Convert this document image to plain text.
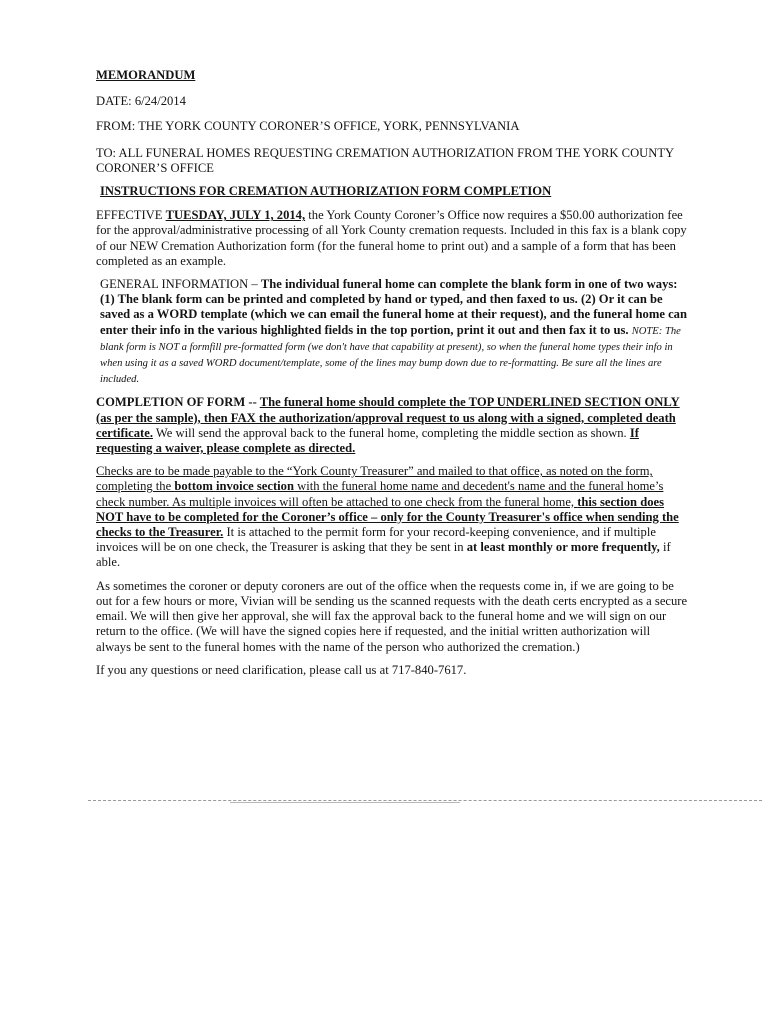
MEMORANDUM

DATE: 6/24/2014

FROM: THE YORK COUNTY CORONER’S OFFICE, YORK, PENNSYLVANIA

TO: ALL FUNERAL HOMES REQUESTING CREMATION AUTHORIZATION FROM THE YORK COUNTY CORONER’S OFFICE

INSTRUCTIONS FOR CREMATION AUTHORIZATION FORM COMPLETION

EFFECTIVE TUESDAY, JULY 1, 2014, the York County Coroner’s Office now requires a $50.00 authorization fee for the approval/administrative processing of all York County cremation requests. Included in this fax is a blank copy of our NEW Cremation Authorization form (for the funeral home to print out) and a sample of a form that has been completed as an example.

GENERAL INFORMATION – The individual funeral home can complete the blank form in one of two ways: (1) The blank form can be printed and completed by hand or typed, and then faxed to us. (2) Or it can be saved as a WORD template (which we can email the funeral home at their request), and the funeral home can enter their info in the various highlighted fields in the top portion, print it out and then fax it to us. NOTE: The blank form is NOT a formfill pre-formatted form (we don't have that capability at present), so when the funeral home types their info in when using it as a saved WORD document/template, some of the lines may bump down due to re-formatting. Be sure all the lines are included.

COMPLETION OF FORM -- The funeral home should complete the TOP UNDERLINED SECTION ONLY (as per the sample), then FAX the authorization/approval request to us along with a signed, completed death certificate. We will send the approval back to the funeral home, completing the middle section as shown. If requesting a waiver, please complete as directed.

Checks are to be made payable to the “York County Treasurer” and mailed to that office, as noted on the form, completing the bottom invoice section with the funeral home name and decedent's name and the funeral home’s check number. As multiple invoices will often be attached to one check from the funeral home, this section does NOT have to be completed for the Coroner’s office – only for the County Treasurer's office when sending the checks to the Treasurer. It is attached to the permit form for your record-keeping convenience, and if multiple invoices will be on one check, the Treasurer is asking that they be sent in at least monthly or more frequently, if able.

As sometimes the coroner or deputy coroners are out of the office when the requests come in, if we are going to be out for a few hours or more, Vivian will be sending us the scanned requests with the death certs encrypted as a secure email. We will then give her approval, she will fax the approval back to the funeral home and we will sign on our return to the office. (We will have the signed copies here if requested, and the initial written authorization will always be sent to the funeral homes with the name of the person who authorized the cremation.)

If you any questions or need clarification, please call us at 717-840-7617.
